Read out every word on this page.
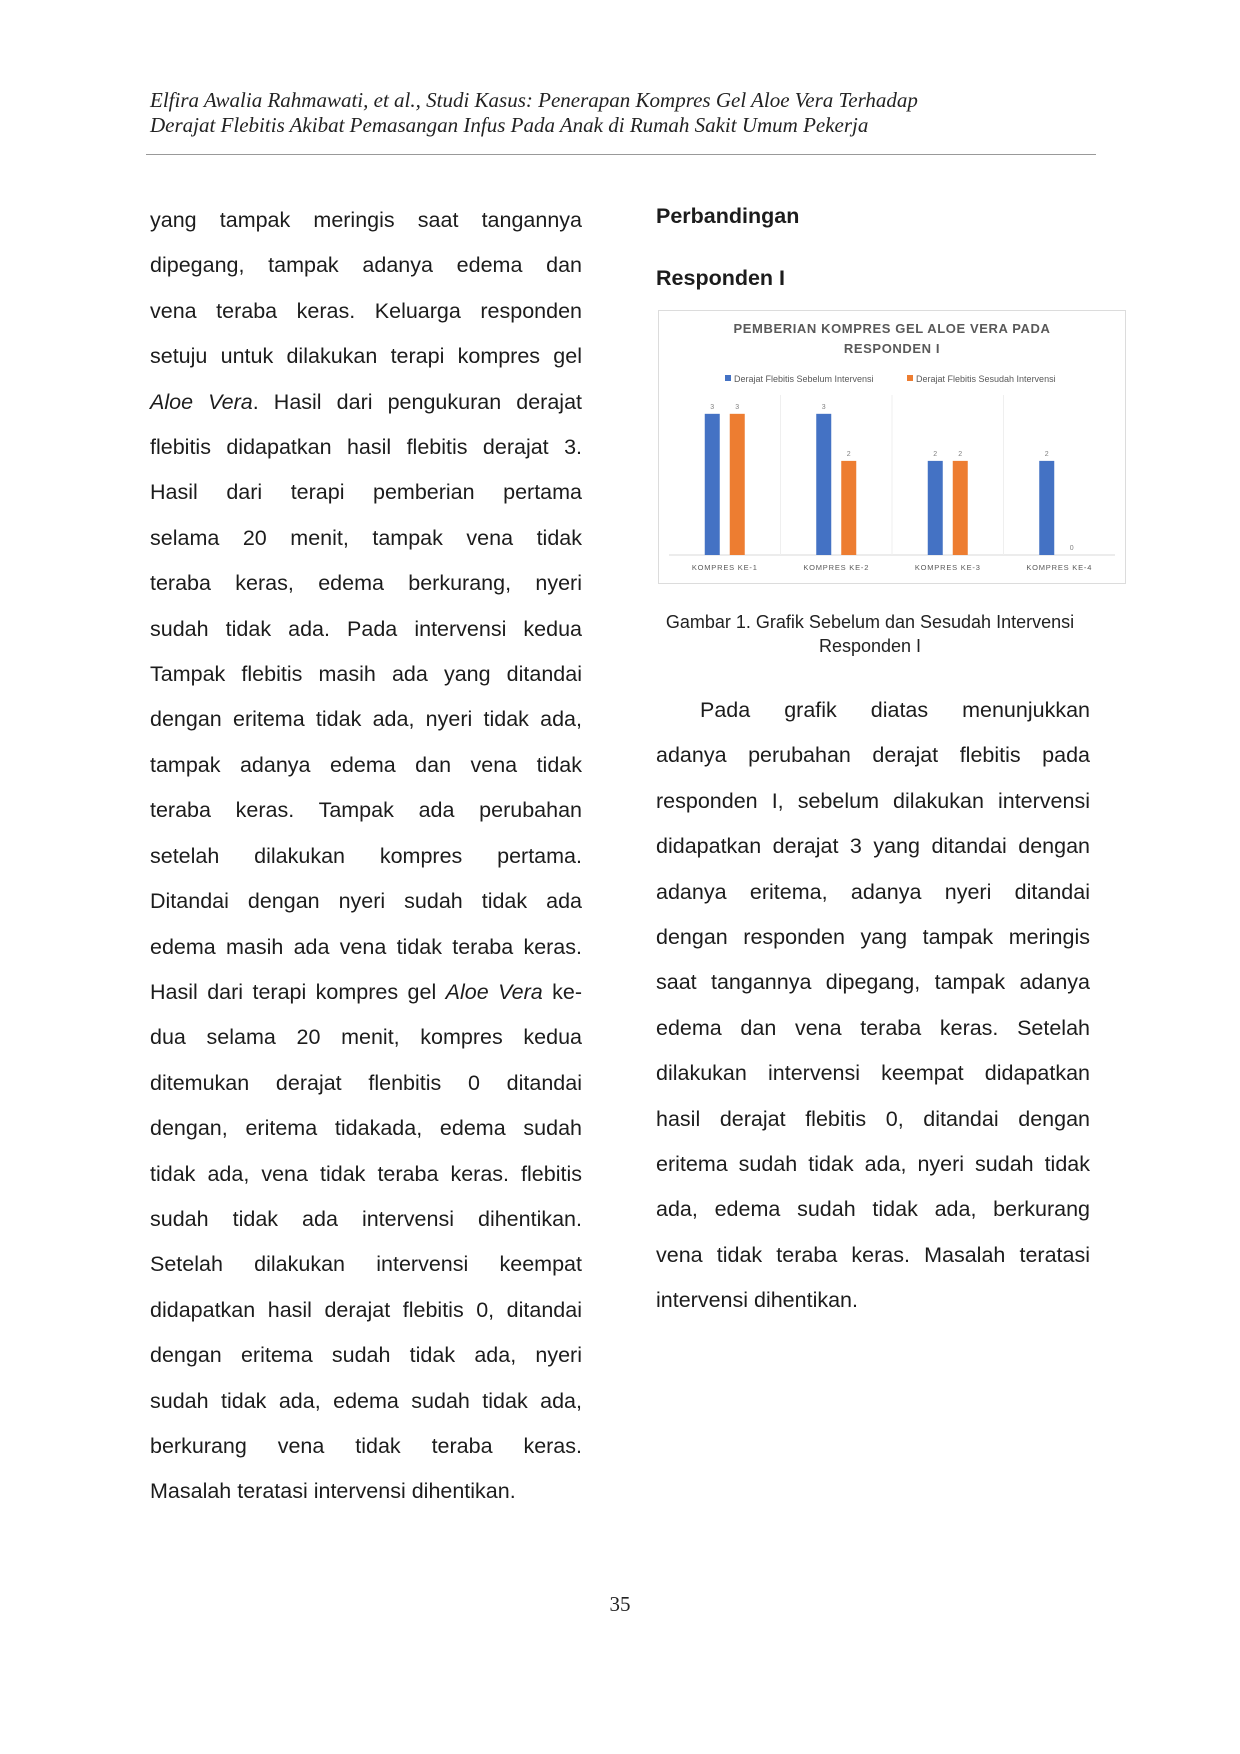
Elfira Awalia Rahmawati, et al., Studi Kasus: Penerapan Kompres Gel Aloe Vera Terhadap
Derajat Flebitis Akibat Pemasangan Infus Pada Anak di Rumah Sakit Umum Pekerja
yang tampak meringis saat tangannya
dipegang, tampak adanya edema dan
vena teraba keras. Keluarga responden
setuju untuk dilakukan terapi kompres gel
Aloe Vera. Hasil dari pengukuran derajat
flebitis didapatkan hasil flebitis derajat 3.
Hasil dari terapi pemberian pertama
selama 20 menit, tampak vena tidak
teraba keras, edema berkurang, nyeri
sudah tidak ada. Pada intervensi kedua
Tampak flebitis masih ada yang ditandai
dengan eritema tidak ada, nyeri tidak ada,
tampak adanya edema dan vena tidak
teraba keras. Tampak ada perubahan
setelah dilakukan kompres pertama.
Ditandai dengan nyeri sudah tidak ada
edema masih ada vena tidak teraba keras.
Hasil dari terapi kompres gel Aloe Vera ke-
dua selama 20 menit, kompres kedua
ditemukan derajat flenbitis 0 ditandai
dengan, eritema tidakada, edema sudah
tidak ada, vena tidak teraba keras. flebitis
sudah tidak ada intervensi dihentikan.
Setelah dilakukan intervensi keempat
didapatkan hasil derajat flebitis 0, ditandai
dengan eritema sudah tidak ada, nyeri
sudah tidak ada, edema sudah tidak ada,
berkurang vena tidak teraba keras.
Masalah teratasi intervensi dihentikan.
Perbandingan
Responden I
PEMBERIAN KOMPRES GEL ALOE VERA PADA
RESPONDEN I
Derajat Flebitis Sebelum Intervensi	Derajat Flebitis Sesudah Intervensi
3	3
KOMPRES KE-1
3
2
KOMPRES KE-2
2	2
KOMPRES KE-3
2
0
KOMPRES KE-4
Gambar 1. Grafik Sebelum dan Sesudah Intervensi
Responden I
Pada grafik diatas menunjukkan
adanya perubahan derajat flebitis pada
responden I, sebelum dilakukan intervensi
didapatkan derajat 3 yang ditandai dengan
adanya eritema, adanya nyeri ditandai
dengan responden yang tampak meringis
saat tangannya dipegang, tampak adanya
edema dan vena teraba keras. Setelah
dilakukan intervensi keempat didapatkan
hasil derajat flebitis 0, ditandai dengan
eritema sudah tidak ada, nyeri sudah tidak
ada, edema sudah tidak ada, berkurang
vena tidak teraba keras. Masalah teratasi
intervensi dihentikan.
35
